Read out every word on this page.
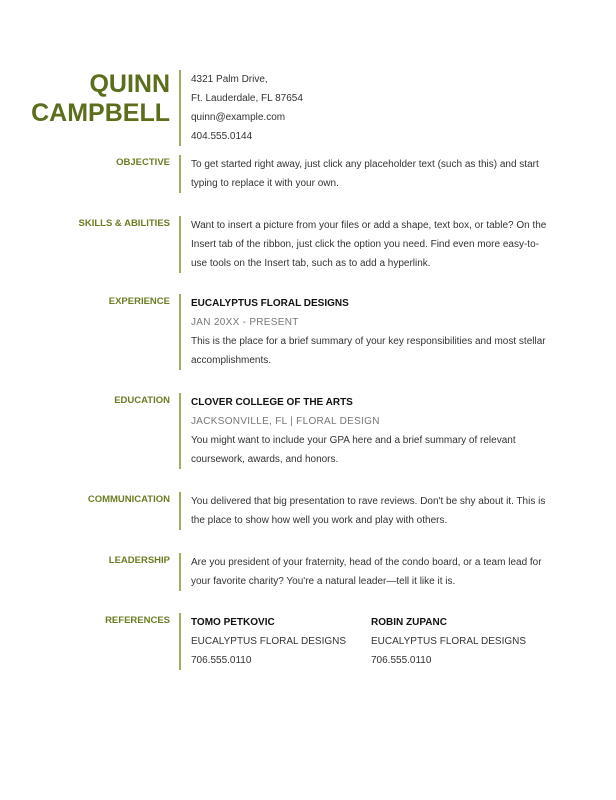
QUINN
CAMPBELL
4321 Palm Drive,
Ft. Lauderdale, FL 87654
quinn@example.com
404.555.0144
OBJECTIVE To get started right away, just click any placeholder text (such as this) and start typing to replace it with your own.
SKILLS & ABILITIES Want to insert a picture from your files or add a shape, text box, or table? On the Insert tab of the ribbon, just click the option you need. Find even more easy-to-use tools on the Insert tab, such as to add a hyperlink.
EXPERIENCE EUCALYPTUS FLORAL DESIGNS
JAN 20XX - PRESENT
This is the place for a brief summary of your key responsibilities and most stellar accomplishments.
EDUCATION CLOVER COLLEGE OF THE ARTS
JACKSONVILLE, FL | FLORAL DESIGN
You might want to include your GPA here and a brief summary of relevant coursework, awards, and honors.
COMMUNICATION You delivered that big presentation to rave reviews. Don't be shy about it. This is the place to show how well you work and play with others.
LEADERSHIP Are you president of your fraternity, head of the condo board, or a team lead for your favorite charity? You're a natural leader—tell it like it is.
REFERENCES TOMO PETKOVIC
EUCALYPTUS FLORAL DESIGNS
706.555.0110
ROBIN ZUPANC
EUCALYPTUS FLORAL DESIGNS
706.555.0110
